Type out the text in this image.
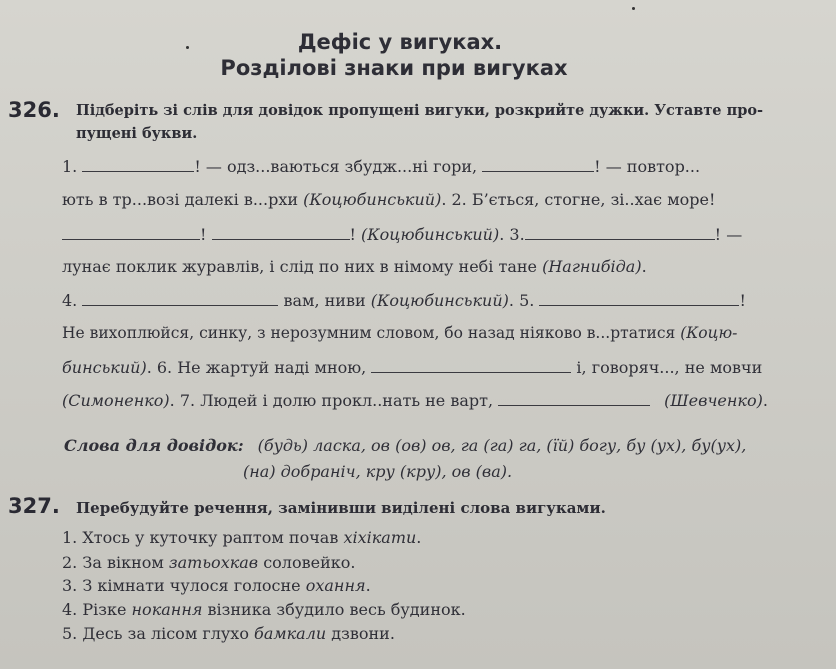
Дефіс у вигуках.
Розділові знаки при вигуках
326. Підберіть зі слів для довідок пропущені вигуки, розкрийте дужки. Уставте про-
пущені букви.
1.	! — одз...ваються збудж...ні гори,	! — повтор...
ють в тр...возі далекі в...рхи (Коцюбинський). 2. Б’ється, стогне, зі..хає море!
!	! (Коцюбинський). 3.	! —
лунає поклик журавлів, і слід по них в німому небі тане (Нагнибіда).
4.	вам, ниви (Коцюбинський). 5.	!
Не вихоплюйся, синку, з нерозумним словом, бо назад ніяково в...ртатися (Коцю-
бинський). 6. Не жартуй наді мною,	і, говоряч..., не мовчи
(Симоненко). 7. Людей і долю прокл..нать не варт,	(Шевченко).
Слова для довідок: (будь) ласка, ов (ов) ов, га (га) га, (їй) богу, бу (ух), бу(ух),
(на) добраніч, кру (кру), ов (ва).
327. Перебудуйте речення, замінивши виділені слова вигуками.
1. Хтось у куточку раптом почав хіхікати.
2. За вікном затьохкав соловейко.
3. З кімнати чулося голосне охання.
4. Різке нокання візника збудило весь будинок.
5. Десь за лісом глухо бамкали дзвони.
